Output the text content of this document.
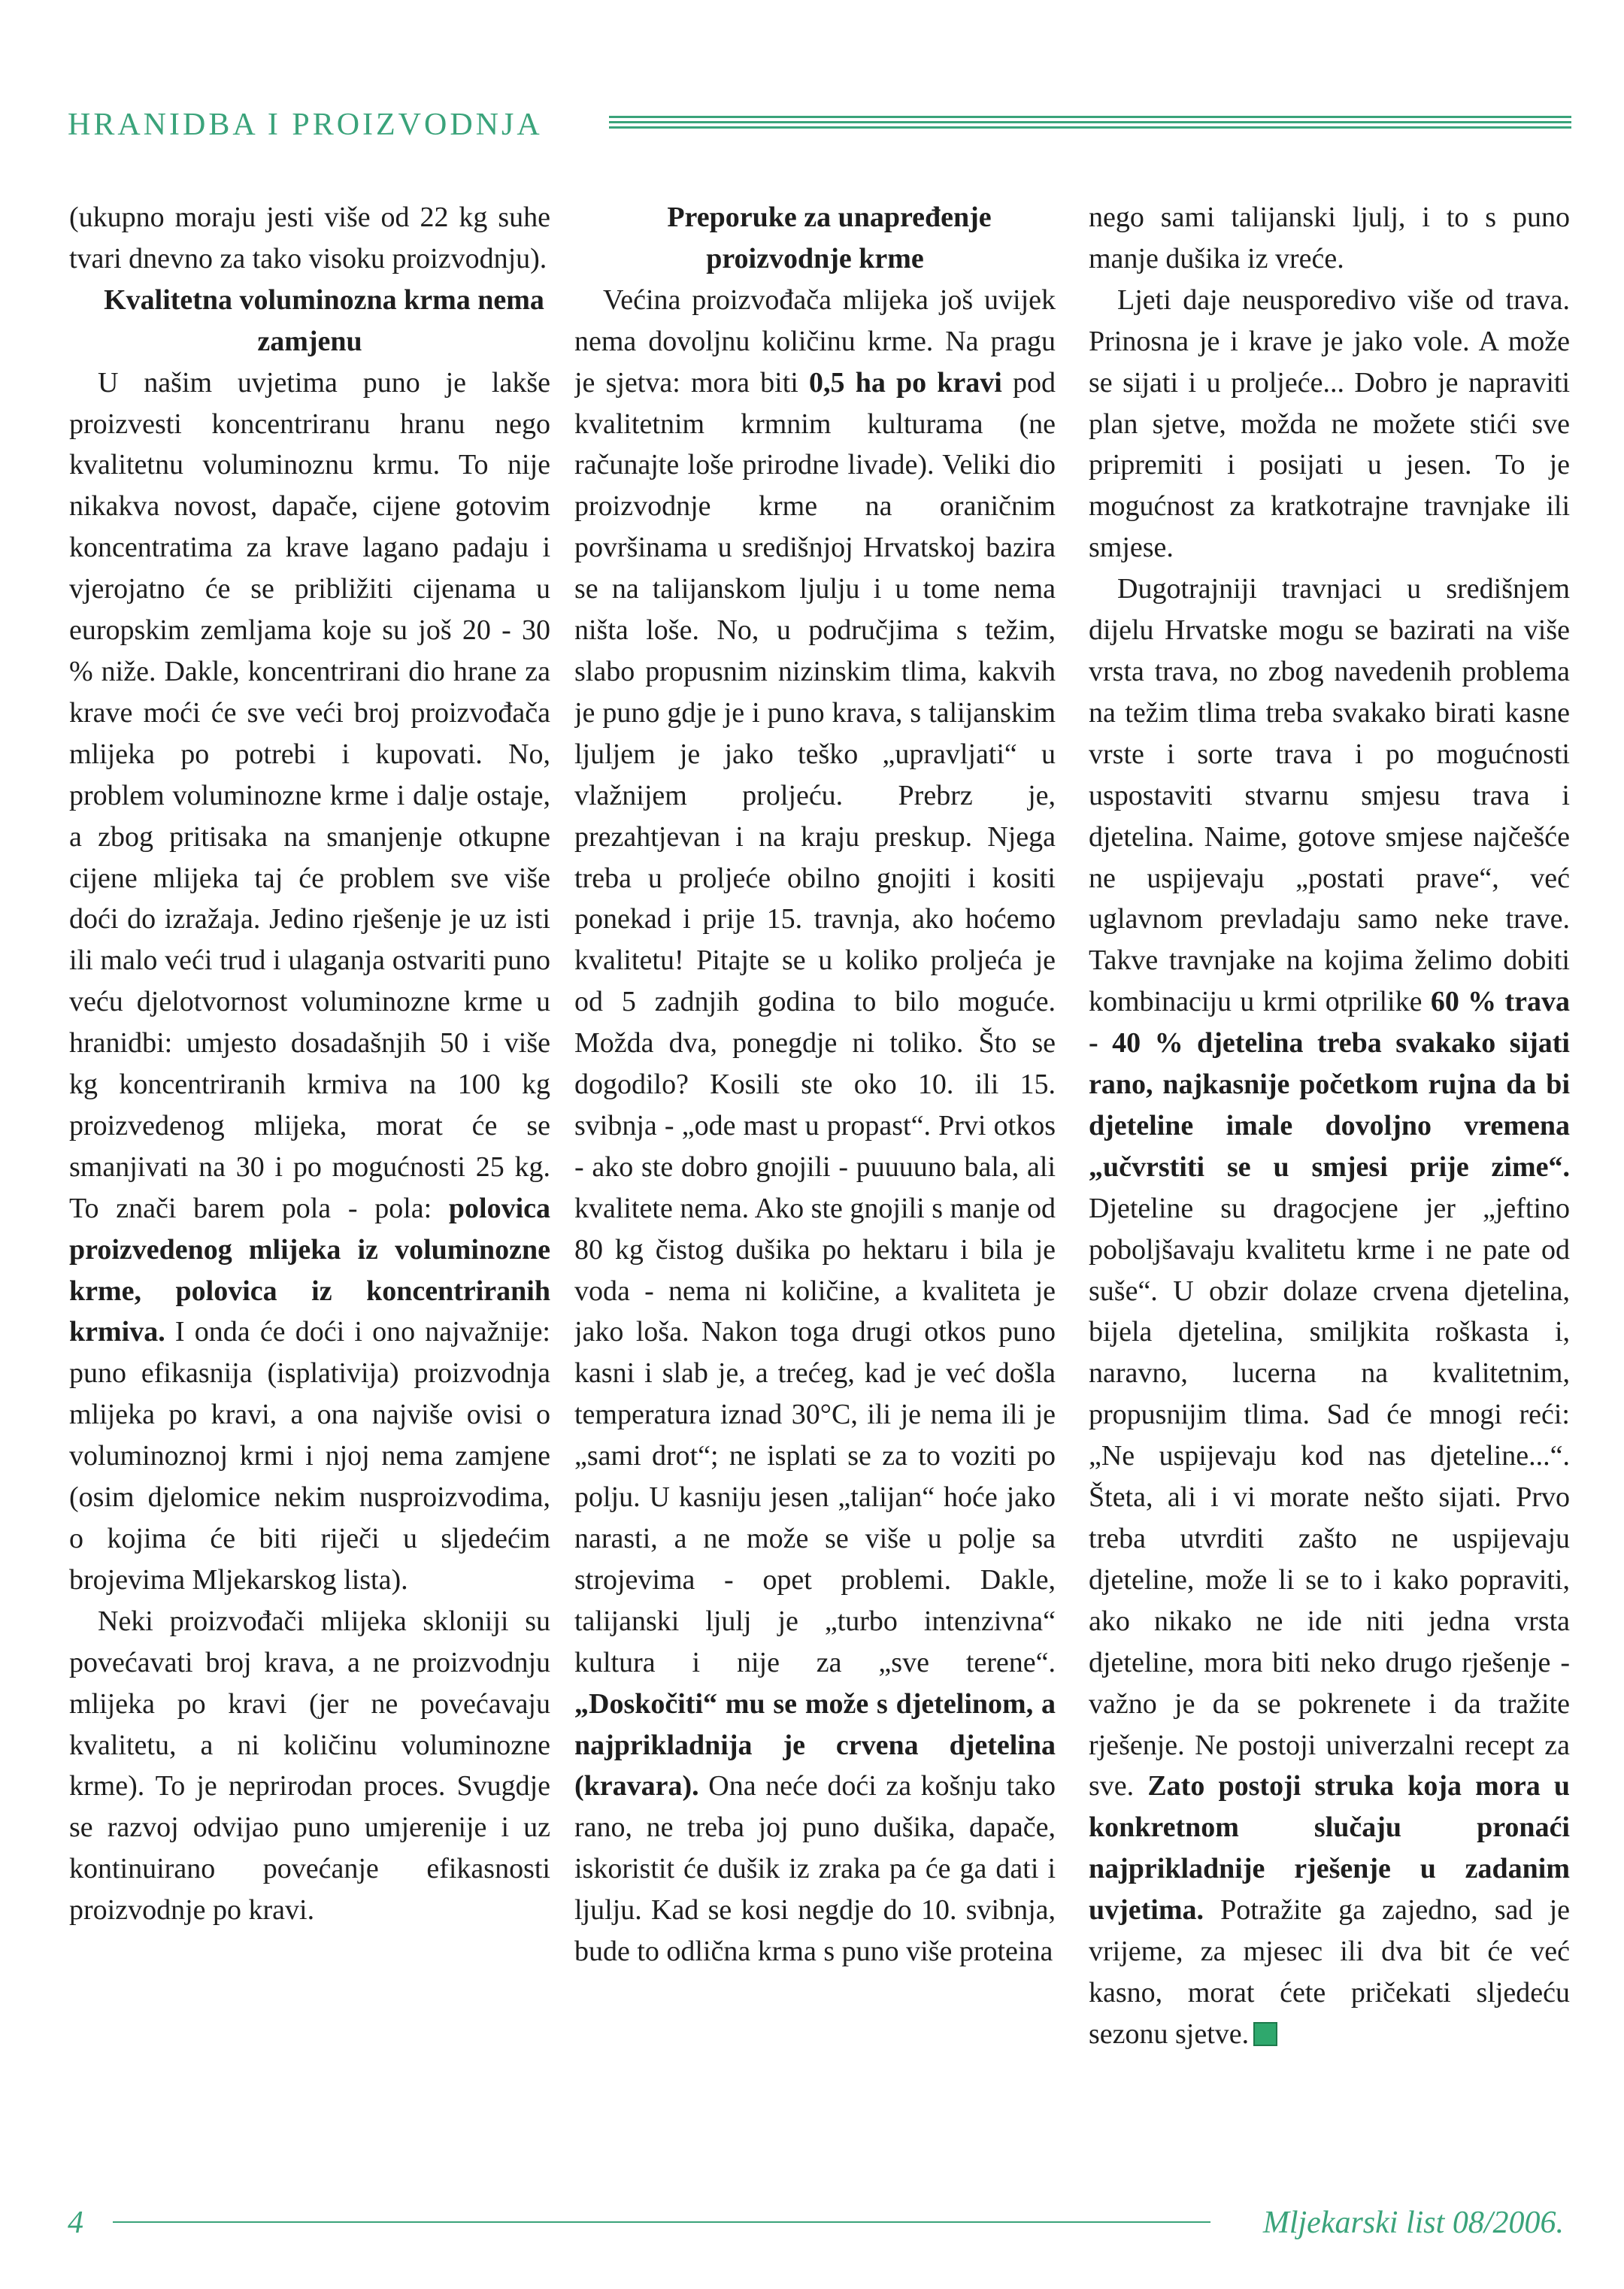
HRANIDBA I PROIZVODNJA

(ukupno moraju jesti više od 22 kg suhe tvari dnevno za tako visoku proizvodnju).

Kvalitetna voluminozna krma nema zamjenu

U našim uvjetima puno je lakše proizvesti koncentriranu hranu nego kvalitetnu voluminoznu krmu. To nije nikakva novost, dapače, cijene gotovim koncentratima za krave lagano padaju i vjerojatno će se približiti cijenama u europskim zemljama koje su još 20 - 30 % niže. Dakle, koncentrirani dio hrane za krave moći će sve veći broj proizvođača mlijeka po potrebi i kupovati. No, problem voluminozne krme i dalje ostaje, a zbog pritisaka na smanjenje otkupne cijene mlijeka taj će problem sve više doći do izražaja. Jedino rješenje je uz isti ili malo veći trud i ulaganja ostvariti puno veću djelotvornost voluminozne krme u hranidbi: umjesto dosadašnjih 50 i više kg koncentriranih krmiva na 100 kg proizvedenog mlijeka, morat će se smanjivati na 30 i po mogućnosti 25 kg. To znači barem pola - pola: polovica proizvedenog mlijeka iz voluminozne krme, polovica iz koncentriranih krmiva. I onda će doći i ono najvažnije: puno efikasnija (isplativija) proizvodnja mlijeka po kravi, a ona najviše ovisi o voluminoznoj krmi i njoj nema zamjene (osim djelomice nekim nusproizvodima, o kojima će biti riječi u sljedećim brojevima Mljekarskog lista).

Neki proizvođači mlijeka skloniji su povećavati broj krava, a ne proizvodnju mlijeka po kravi (jer ne povećavaju kvalitetu, a ni količinu voluminozne krme). To je neprirodan proces. Svugdje se razvoj odvijao puno umjerenije i uz kontinuirano povećanje efikasnosti proizvodnje po kravi.

Preporuke za unapređenje proizvodnje krme

Većina proizvođača mlijeka još uvijek nema dovoljnu količinu krme. Na pragu je sjetva: mora biti 0,5 ha po kravi pod kvalitetnim krmnim kulturama (ne računajte loše prirodne livade). Veliki dio proizvodnje krme na oraničnim površinama u središnjoj Hrvatskoj bazira se na talijanskom ljulju i u tome nema ništa loše. No, u područjima s težim, slabo propusnim nizinskim tlima, kakvih je puno gdje je i puno krava, s talijanskim ljuljem je jako teško „upravljati“ u vlažnijem proljeću. Prebrz je, prezahtjevan i na kraju preskup. Njega treba u proljeće obilno gnojiti i kositi ponekad i prije 15. travnja, ako hoćemo kvalitetu! Pitajte se u koliko proljeća je od 5 zadnjih godina to bilo moguće. Možda dva, ponegdje ni toliko. Što se dogodilo? Kosili ste oko 10. ili 15. svibnja - „ode mast u propast“. Prvi otkos - ako ste dobro gnojili - puuuuno bala, ali kvalitete nema. Ako ste gnojili s manje od 80 kg čistog dušika po hektaru i bila je voda - nema ni količine, a kvaliteta je jako loša. Nakon toga drugi otkos puno kasni i slab je, a trećeg, kad je već došla temperatura iznad 30°C, ili je nema ili je „sami drot“; ne isplati se za to voziti po polju. U kasniju jesen „talijan“ hoće jako narasti, a ne može se više u polje sa strojevima - opet problemi. Dakle, talijanski ljulj je „turbo intenzivna“ kultura i nije za „sve terene“. „Doskočiti“ mu se može s djetelinom, a najprikladnija je crvena djetelina (kravara). Ona neće doći za košnju tako rano, ne treba joj puno dušika, dapače, iskoristit će dušik iz zraka pa će ga dati i ljulju. Kad se kosi negdje do 10. svibnja, bude to odlična krma s puno više proteina

nego sami talijanski ljulj, i to s puno manje dušika iz vreće.

Ljeti daje neusporedivo više od trava. Prinosna je i krave je jako vole. A može se sijati i u proljeće... Dobro je napraviti plan sjetve, možda ne možete stići sve pripremiti i posijati u jesen. To je mogućnost za kratkotrajne travnjake ili smjese.

Dugotrajniji travnjaci u središnjem dijelu Hrvatske mogu se bazirati na više vrsta trava, no zbog navedenih problema na težim tlima treba svakako birati kasne vrste i sorte trava i po mogućnosti uspostaviti stvarnu smjesu trava i djetelina. Naime, gotove smjese najčešće ne uspijevaju „postati prave“, već uglavnom prevladaju samo neke trave. Takve travnjake na kojima želimo dobiti kombinaciju u krmi otprilike 60 % trava - 40 % djetelina treba svakako sijati rano, najkasnije početkom rujna da bi djeteline imale dovoljno vremena „učvrstiti se u smjesi prije zime“. Djeteline su dragocjene jer „jeftino poboljšavaju kvalitetu krme i ne pate od suše“. U obzir dolaze crvena djetelina, bijela djetelina, smiljkita roškasta i, naravno, lucerna na kvalitetnim, propusnijim tlima. Sad će mnogi reći: „Ne uspijevaju kod nas djeteline...“. Šteta, ali i vi morate nešto sijati. Prvo treba utvrditi zašto ne uspijevaju djeteline, može li se to i kako popraviti, ako nikako ne ide niti jedna vrsta djeteline, mora biti neko drugo rješenje - važno je da se pokrenete i da tražite rješenje. Ne postoji univerzalni recept za sve. Zato postoji struka koja mora u konkretnom slučaju pronaći najprikladnije rješenje u zadanim uvjetima. Potražite ga zajedno, sad je vrijeme, za mjesec ili dva bit će već kasno, morat ćete pričekati sljedeću sezonu sjetve.

4	Mljekarski list 08/2006.
